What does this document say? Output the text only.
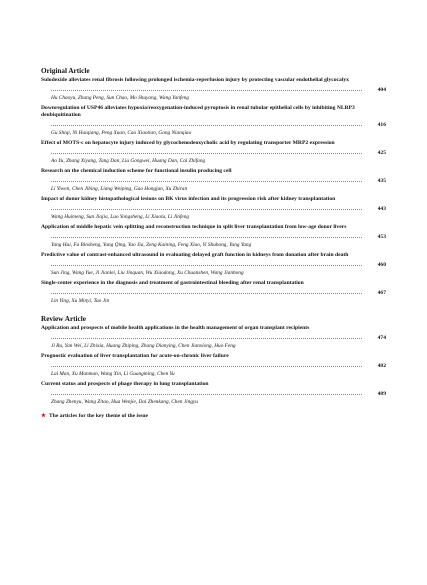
Original Article
Sulodexide alleviates renal fibrosis following prolonged ischemia-reperfusion injury by protecting vascular endothelial glycocalyx
404
Hu Chaoyu, Zhang Peng, Sun Chao, Mo Shuyong, Wang Yanfeng
Downregulation of USP46 alleviates hypoxia/reoxygenation-induced pyroptosis in renal tubular epithelial cells by inhibiting NLRP3 deubiquitination
416
Gu Shiqi, Ni Haiqiang, Peng Xuan, Cao Xiaotian, Gong Nianqiao
Effect of MOTS-c on hepatocyte injury induced by glycochenodeoxycholic acid by regulating transporter MRP2 expression
425
Ao Yu, Zhang Xiyang, Tang Dan, Liu Gongwei, Huang Dan, Cai Zhifang
Research on the chemical induction scheme for functional insulin producing cell
435
Li Yiwen, Chen Jibing, Liang Weiping, Gao Hongjun, Xu Zhiran
Impact of donor kidney histopathological lesions on BK virus infection and its progression risk after kidney transplantation
443
Wang Huimeng, Sun Jiajia, Luo Yongsheng, Li Xiaolu, Li Jinfeng
Application of middle hepatic vein splitting and reconstruction technique in split liver transplantation from low-age donor livers
453
Yang Hui, Fu Binsheng, Yang Qing, Yao Jia, Zeng Kaining, Feng Xiao, Yi Shuhong, Yang Yang
Predictive value of contrast-enhanced ultrasound in evaluating delayed graft function in kidneys from donation after brain death
460
Sun Jing, Wang Yue, Ji Jianlei, Liu Jinquan, Wu Xiaodong, Xu Chuanshen, Wang Jianhong
Single-center experience in the diagnosis and treatment of gastrointestinal bleeding after renal transplantation
467
Lin Ying, Xu Minyi, Tao Jin
Review Article
Application and prospects of mobile health applications in the health management of organ transplant recipients
474
Ji Ru, Yan Wei, Li Zhixia, Huang Zhiping, Zhang Dianying, Chen Jianxiong, Huo Feng
Prognostic evaluation of liver transplantation for acute-on-chronic liver failure
482
Lai Man, Xu Manman, Wang Xin, Li Guangming, Chen Yu
Current status and prospects of phage therapy in lung transplantation
489
Zhang Zhenyu, Wang Zitao, Hua Wenjie, Dai Zhenkang, Chen Jingyu
★ The articles for the key theme of the issue
